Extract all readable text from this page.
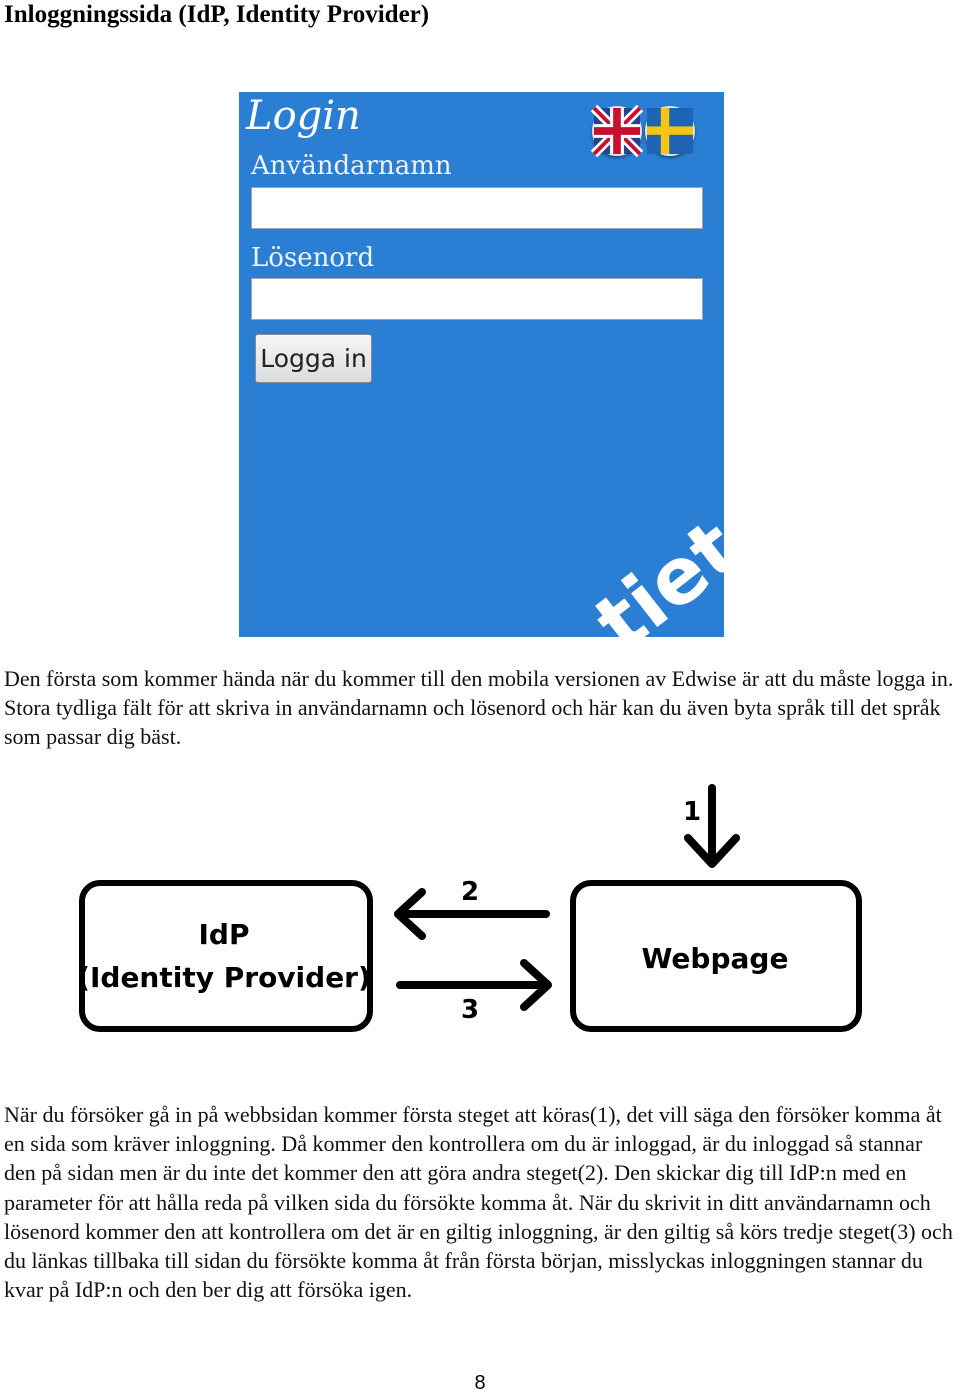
Inloggningssida (IdP, Identity Provider)
Login
Användarnamn
Lösenord
Logga in
tieto

Den första som kommer hända när du kommer till den mobila versionen av Edwise är att du måste logga in. Stora tydliga fält för att skriva in användarnamn och lösenord och här kan du även byta språk till det språk som passar dig bäst.

IdP
(Identity Provider)
Webpage
1
2
3

När du försöker gå in på webbsidan kommer första steget att köras(1), det vill säga den försöker komma åt en sida som kräver inloggning. Då kommer den kontrollera om du är inloggad, är du inloggad så stannar den på sidan men är du inte det kommer den att göra andra steget(2). Den skickar dig till IdP:n med en parameter för att hålla reda på vilken sida du försökte komma åt. När du skrivit in ditt användarnamn och lösenord kommer den att kontrollera om det är en giltig inloggning, är den giltig så körs tredje steget(3) och du länkas tillbaka till sidan du försökte komma åt från första början, misslyckas inloggningen stannar du kvar på IdP:n och den ber dig att försöka igen.

8
